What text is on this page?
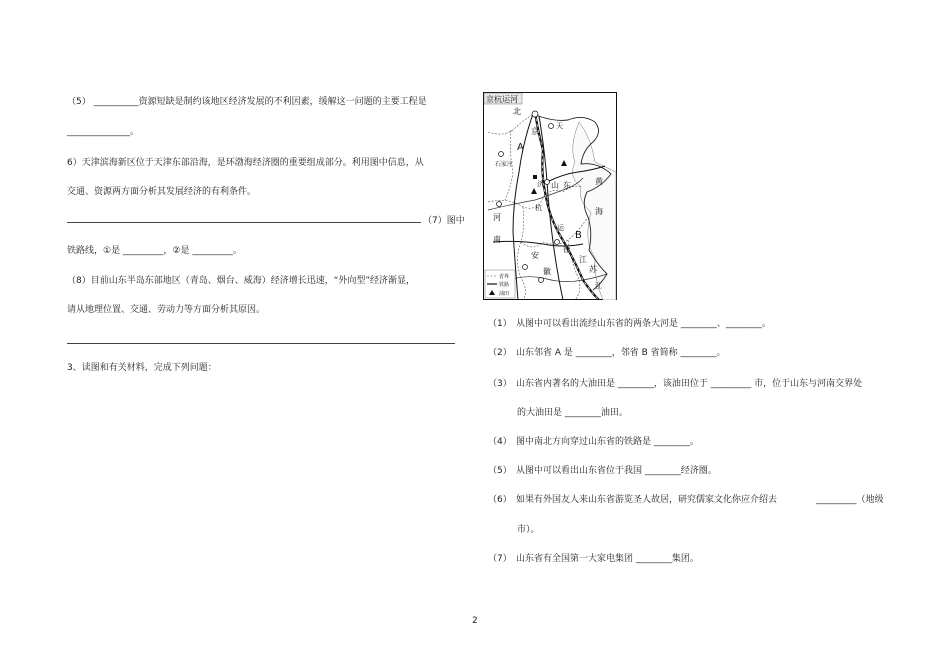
（5） __________资源短缺是制约该地区经济发展的不利因素，缓解这一问题的主要工程是
______________。
6）天津滨海新区位于天津东部沿海，是环渤海经济圈的重要组成部分。利用图中信息，从
交通、资源两方面分析其发展经济的有利条件。
（7）图中
铁路线，①是 _________，②是 _________。
（8）目前山东半岛东部地区（青岛、烟台、威海）经济增长迅速，“外向型”经济渐显，
请从地理位置、交通、劳动力等方面分析其原因。
3、读图和有关材料，完成下列问题：
京杭运河
北
京
天
A
石家庄
山 东
济
杭
黄
海
河
南
运
徐
B
安
徽
江
苏
江
省界
铁路
油田
（1） 从图中可以看出流经山东省的两条大河是 ________、________。
（2） 山东邻省 A 是 ________，邻省 B 省简称 ________。
（3） 山东省内著名的大油田是 ________，该油田位于 _________ 市，位于山东与河南交界处
的大油田是 ________油田。
（4） 图中南北方向穿过山东省的铁路是 ________。
（5） 从图中可以看出山东省位于我国 ________经济圈。
（6） 如果有外国友人来山东省游览圣人故居，研究儒家文化你应介绍去	_________（地级
市）。
（7） 山东省有全国第一大家电集团 ________集团。
2
